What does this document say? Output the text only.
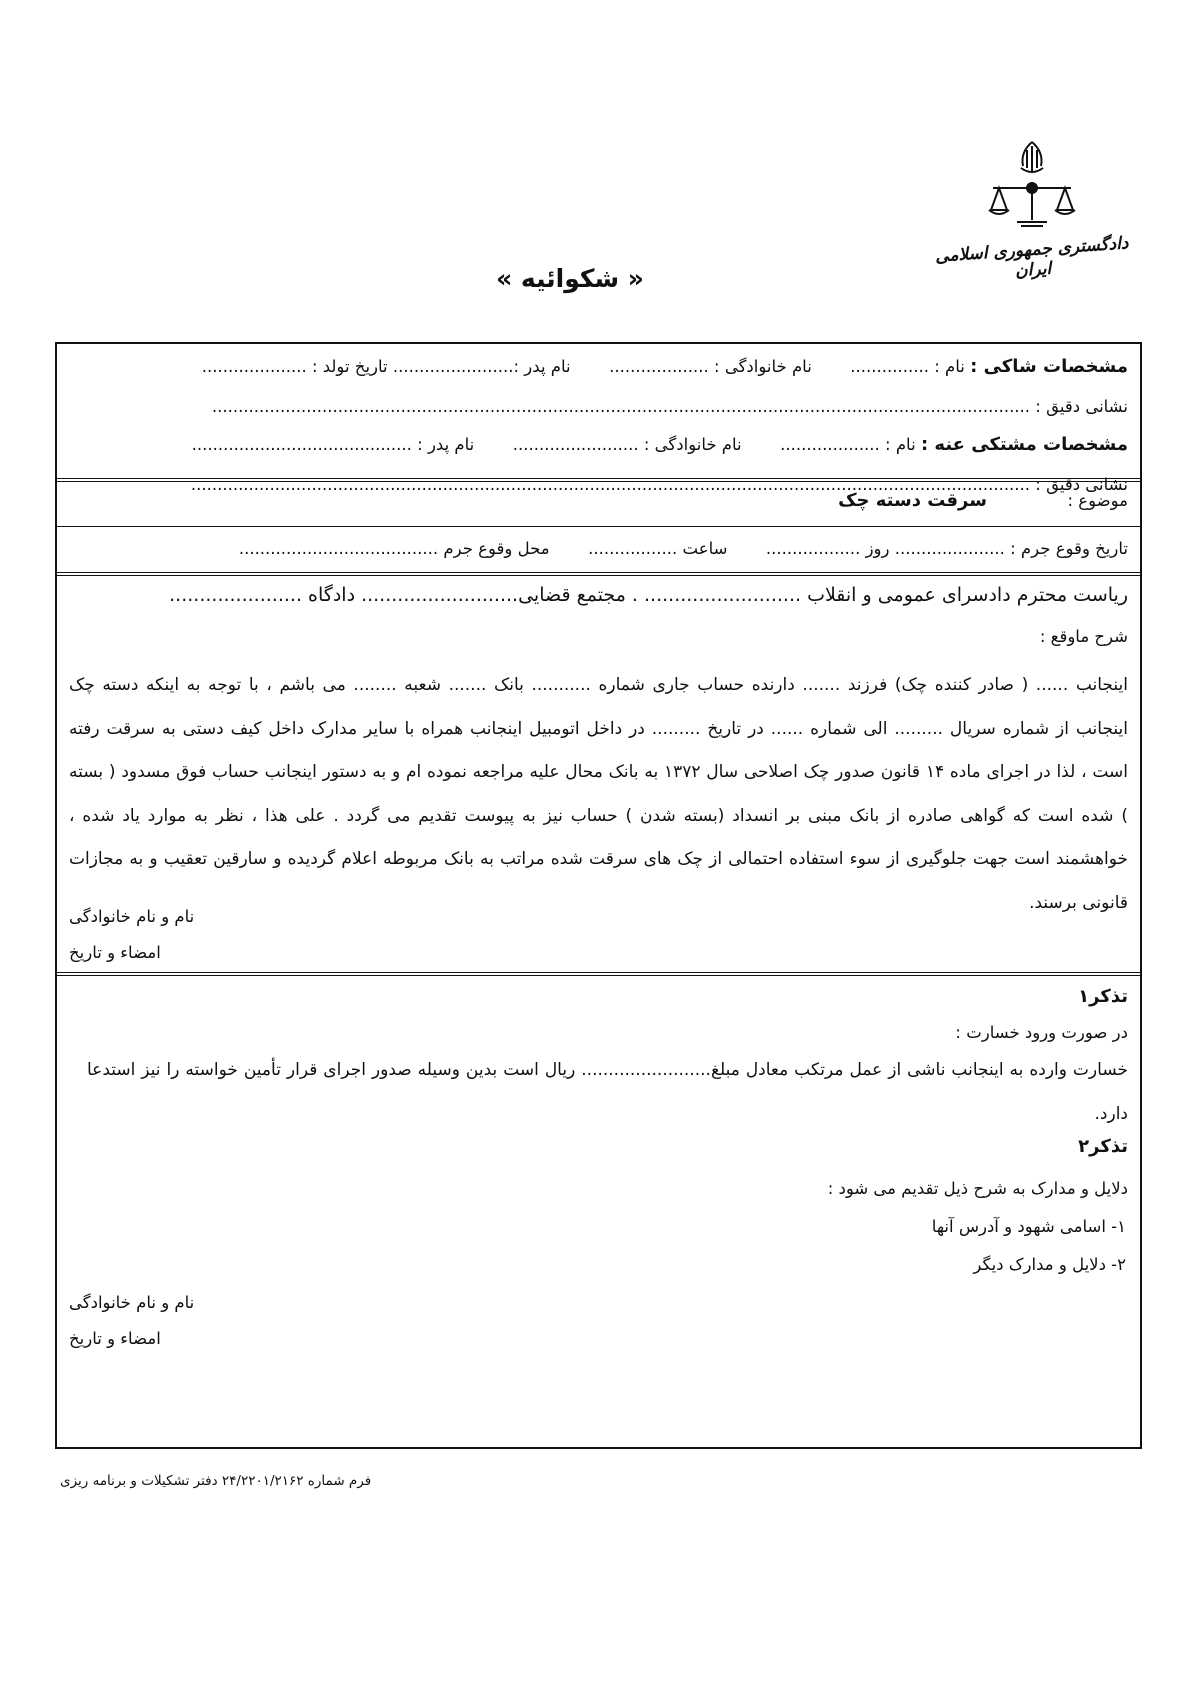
دادگستری جمهوری اسلامی ایران
« شکوائیه »
مشخصات شاکی : نام : ...............  نام خانوادگی : ...................  نام پدر :....................... تاریخ تولد : ....................
نشانی دقیق : ............................................................................................................................................................
مشخصات مشتکی عنه : نام : ...................  نام خانوادگی : ........................  نام پدر : ..........................................
نشانی دقیق : ................................................................................................................................................................
موضوع :  سرقت دسته چک
تاریخ وقوع جرم : ..................... روز ..................  ساعت .................  محل وقوع جرم ......................................
ریاست محترم دادسرای عمومی و انقلاب .......................... . مجتمع قضایی.......................... دادگاه ......................
شرح ماوقع :
اینجانب ...... ( صادر کننده چک) فرزند ....... دارنده حساب جاری شماره ........... بانک ....... شعبه ........ می باشم ، با توجه به اینکه دسته چک اینجانب از شماره سریال ......... الی شماره ...... در تاریخ ......... در داخل اتومبیل اینجانب همراه با سایر مدارک داخل کیف دستی به سرقت رفته است ، لذا در اجرای ماده ۱۴ قانون صدور چک اصلاحی سال ۱۳۷۲ به بانک محال علیه مراجعه نموده ام و به دستور اینجانب حساب فوق مسدود ( بسته ) شده است که گواهی صادره از بانک مبنی بر انسداد (بسته شدن ) حساب نیز به پیوست تقدیم می گردد . علی هذا ، نظر به موارد یاد شده ، خواهشمند است جهت جلوگیری از سوء استفاده احتمالی از چک های سرقت شده مراتب به بانک مربوطه اعلام گردیده و سارقین تعقیب و به مجازات قانونی برسند.
نام و نام خانوادگی
امضاء و تاریخ
تذکر۱
در صورت ورود خسارت :
خسارت وارده به اینجانب ناشی از عمل مرتکب معادل مبلغ........................ ریال است بدین وسیله صدور اجرای قرار تأمین خواسته را نیز استدعا دارد.
تذکر۲
دلایل و مدارک به شرح ذیل تقدیم می شود :
۱- اسامی شهود و آدرس آنها
۲- دلایل و مدارک دیگر
نام و نام خانوادگی
امضاء و تاریخ
فرم شماره ۲۴/۲۲۰۱/۲۱۶۲ دفتر تشکیلات و برنامه ریزی
